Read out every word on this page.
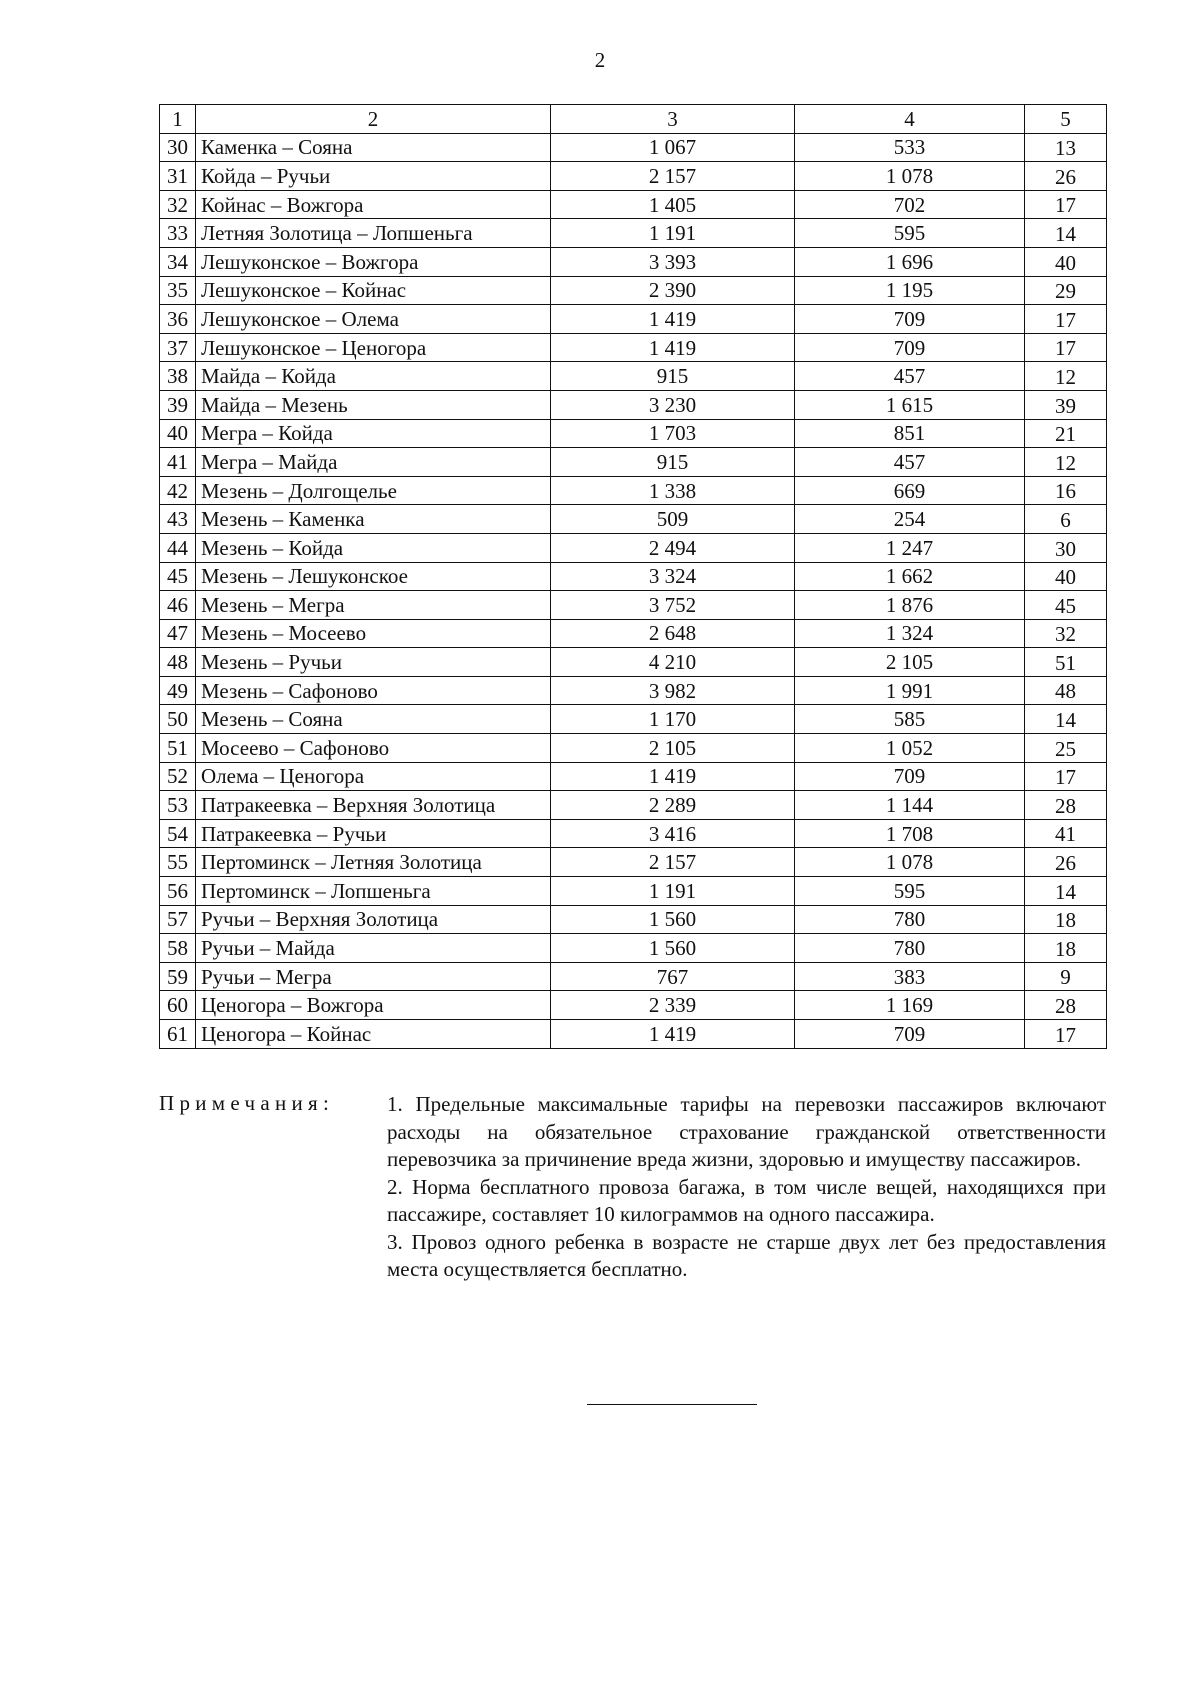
2
1	2	3	4	5
30	Каменка – Сояна	1 067	533	13
31	Койда – Ручьи	2 157	1 078	26
32	Койнас – Вожгора	1 405	702	17
33	Летняя Золотица – Лопшеньга	1 191	595	14
34	Лешуконское – Вожгора	3 393	1 696	40
35	Лешуконское – Койнас	2 390	1 195	29
36	Лешуконское – Олема	1 419	709	17
37	Лешуконское – Ценогора	1 419	709	17
38	Майда – Койда	915	457	12
39	Майда – Мезень	3 230	1 615	39
40	Мегра – Койда	1 703	851	21
41	Мегра – Майда	915	457	12
42	Мезень – Долгощелье	1 338	669	16
43	Мезень – Каменка	509	254	6
44	Мезень – Койда	2 494	1 247	30
45	Мезень – Лешуконское	3 324	1 662	40
46	Мезень – Мегра	3 752	1 876	45
47	Мезень – Мосеево	2 648	1 324	32
48	Мезень – Ручьи	4 210	2 105	51
49	Мезень – Сафоново	3 982	1 991	48
50	Мезень – Сояна	1 170	585	14
51	Мосеево – Сафоново	2 105	1 052	25
52	Олема – Ценогора	1 419	709	17
53	Патракеевка – Верхняя Золотица	2 289	1 144	28
54	Патракеевка – Ручьи	3 416	1 708	41
55	Пертоминск – Летняя Золотица	2 157	1 078	26
56	Пертоминск – Лопшеньга	1 191	595	14
57	Ручьи – Верхняя Золотица	1 560	780	18
58	Ручьи – Майда	1 560	780	18
59	Ручьи – Мегра	767	383	9
60	Ценогора – Вожгора	2 339	1 169	28
61	Ценогора – Койнас	1 419	709	17
Примечания:	1. Предельные максимальные тарифы на перевозки пассажиров включают расходы на обязательное страхование гражданской ответственности перевозчика за причинение вреда жизни, здоровью и имуществу пассажиров.

2. Норма бесплатного провоза багажа, в том числе вещей, находящихся при пассажире, составляет 10 килограммов на одного пассажира.

3. Провоз одного ребенка в возрасте не старше двух лет без предоставления места осуществляется бесплатно.
